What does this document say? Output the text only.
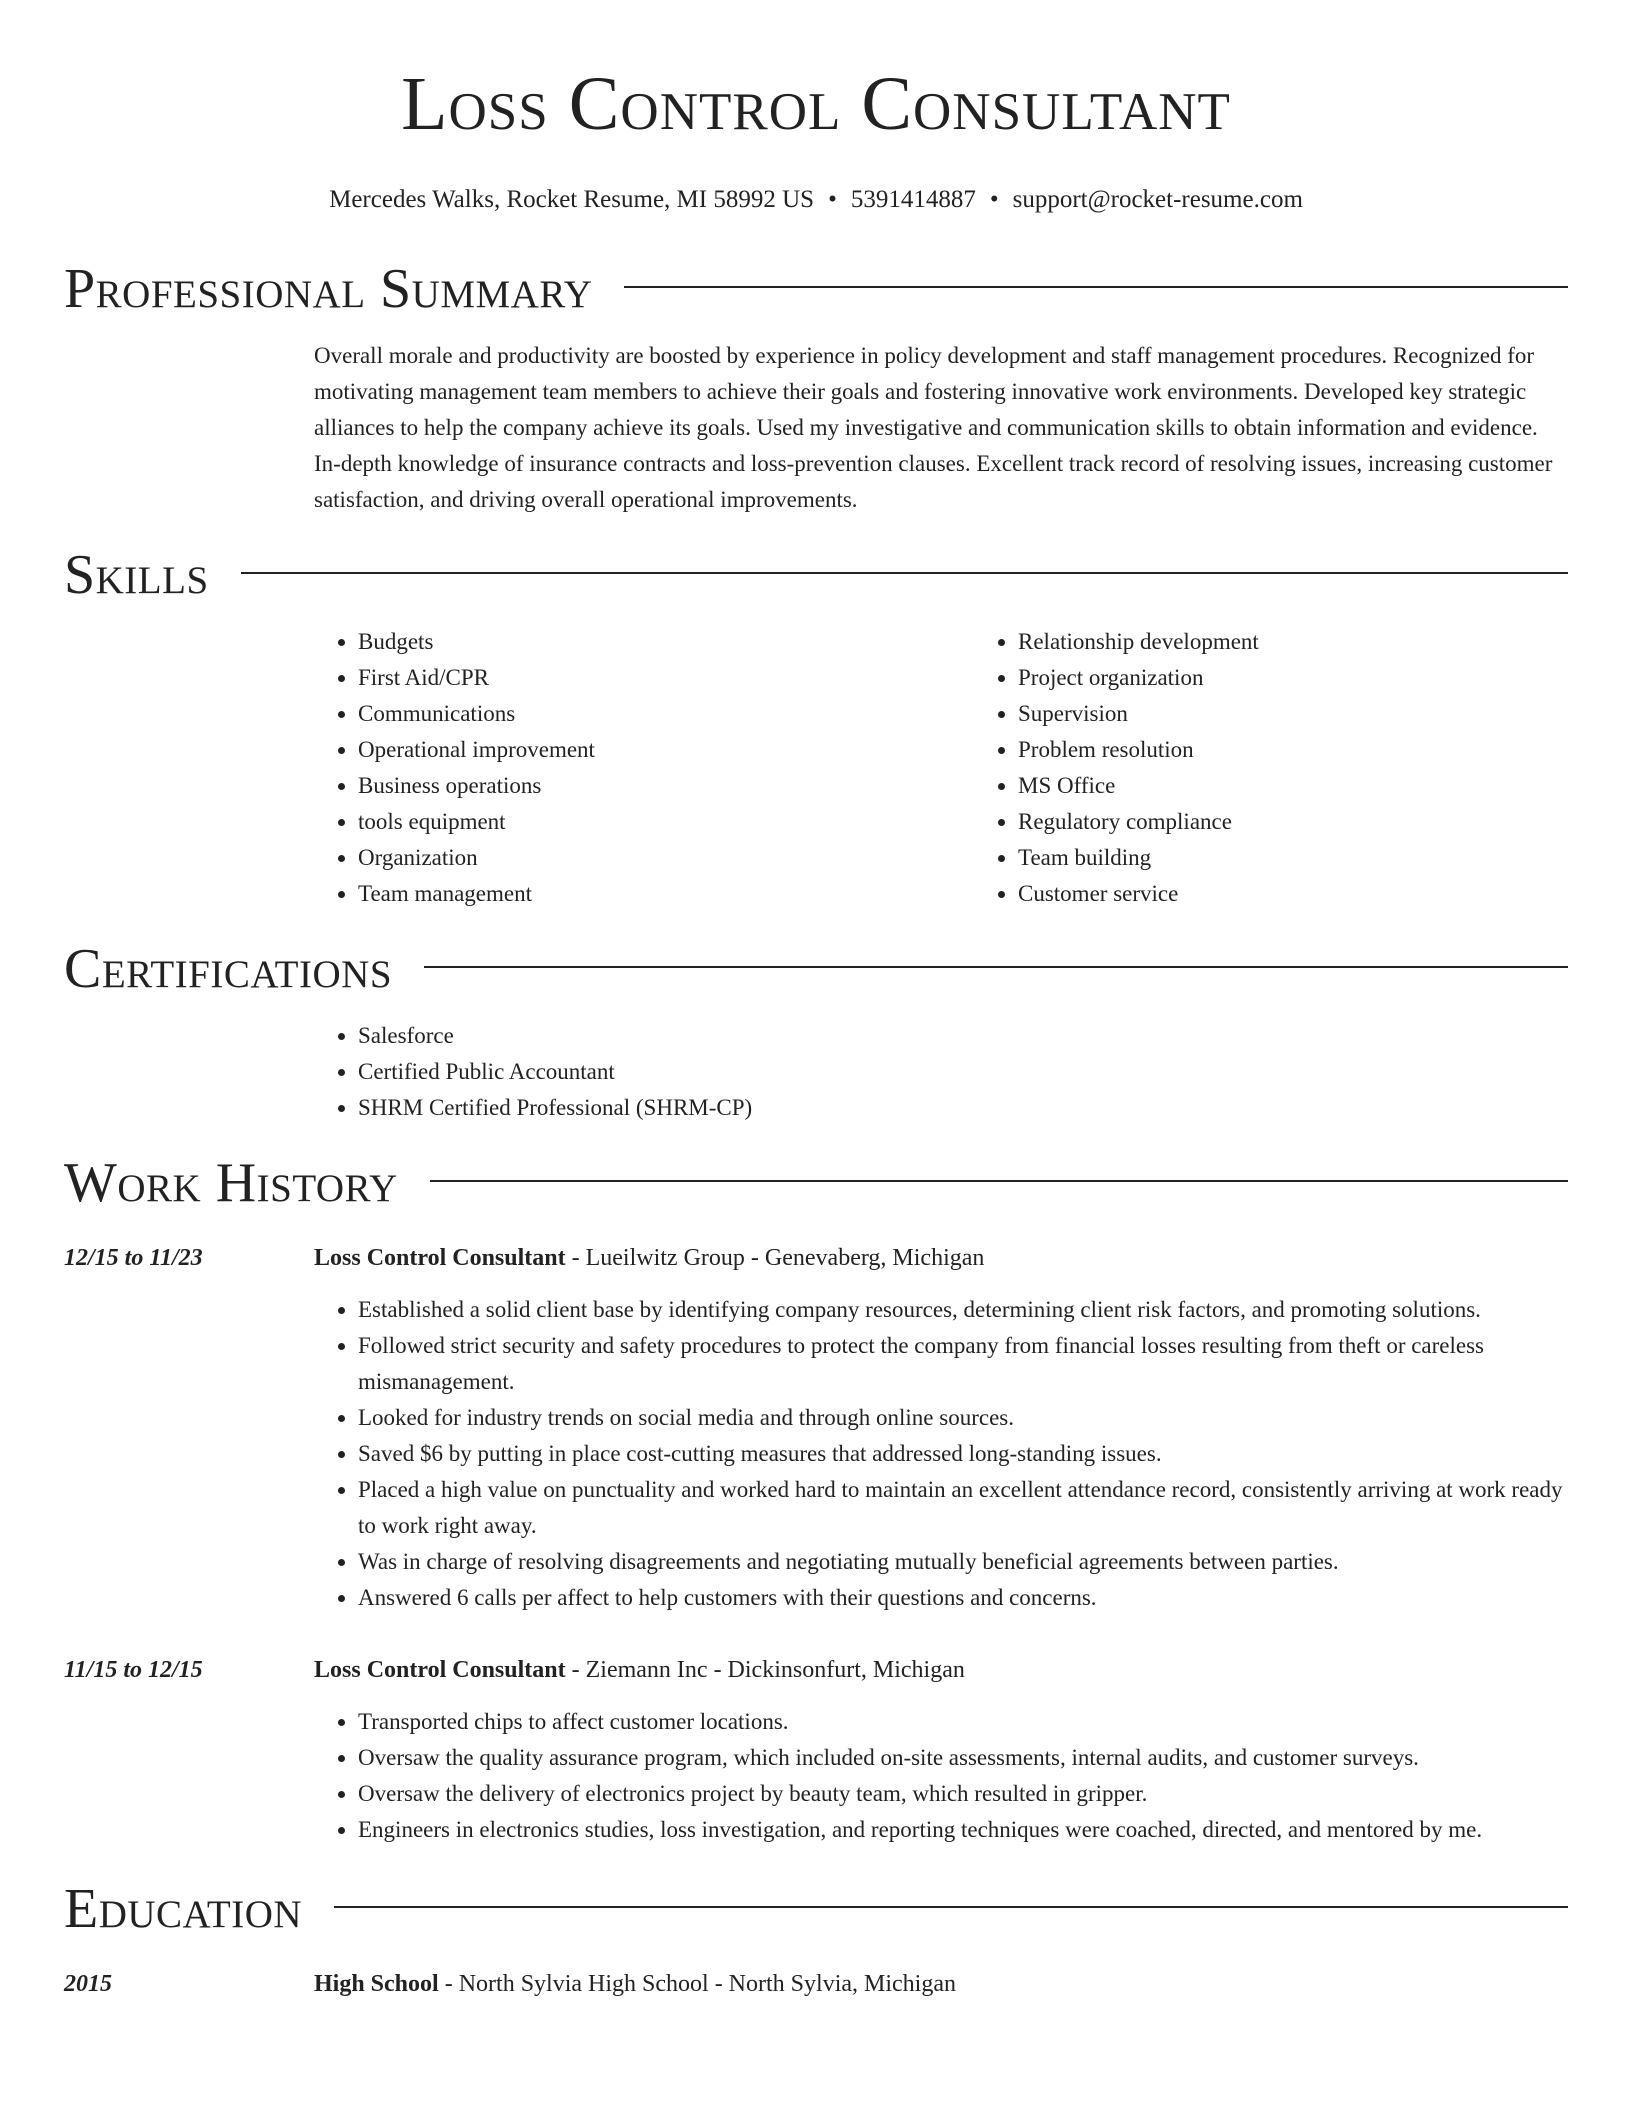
Loss Control Consultant
Mercedes Walks, Rocket Resume, MI 58992 US • 5391414887 • support@rocket-resume.com
Professional Summary
Overall morale and productivity are boosted by experience in policy development and staff management procedures. Recognized for motivating management team members to achieve their goals and fostering innovative work environments. Developed key strategic alliances to help the company achieve its goals. Used my investigative and communication skills to obtain information and evidence. In-depth knowledge of insurance contracts and loss-prevention clauses. Excellent track record of resolving issues, increasing customer satisfaction, and driving overall operational improvements.
Skills
• Budgets
• First Aid/CPR
• Communications
• Operational improvement
• Business operations
• tools equipment
• Organization
• Team management
• Relationship development
• Project organization
• Supervision
• Problem resolution
• MS Office
• Regulatory compliance
• Team building
• Customer service
Certifications
• Salesforce
• Certified Public Accountant
• SHRM Certified Professional (SHRM-CP)
Work History
12/15 to 11/23	Loss Control Consultant - Lueilwitz Group - Genevaberg, Michigan
• Established a solid client base by identifying company resources, determining client risk factors, and promoting solutions.
• Followed strict security and safety procedures to protect the company from financial losses resulting from theft or careless mismanagement.
• Looked for industry trends on social media and through online sources.
• Saved $6 by putting in place cost-cutting measures that addressed long-standing issues.
• Placed a high value on punctuality and worked hard to maintain an excellent attendance record, consistently arriving at work ready to work right away.
• Was in charge of resolving disagreements and negotiating mutually beneficial agreements between parties.
• Answered 6 calls per affect to help customers with their questions and concerns.
11/15 to 12/15	Loss Control Consultant - Ziemann Inc - Dickinsonfurt, Michigan
• Transported chips to affect customer locations.
• Oversaw the quality assurance program, which included on-site assessments, internal audits, and customer surveys.
• Oversaw the delivery of electronics project by beauty team, which resulted in gripper.
• Engineers in electronics studies, loss investigation, and reporting techniques were coached, directed, and mentored by me.
Education
2015	High School - North Sylvia High School - North Sylvia, Michigan
